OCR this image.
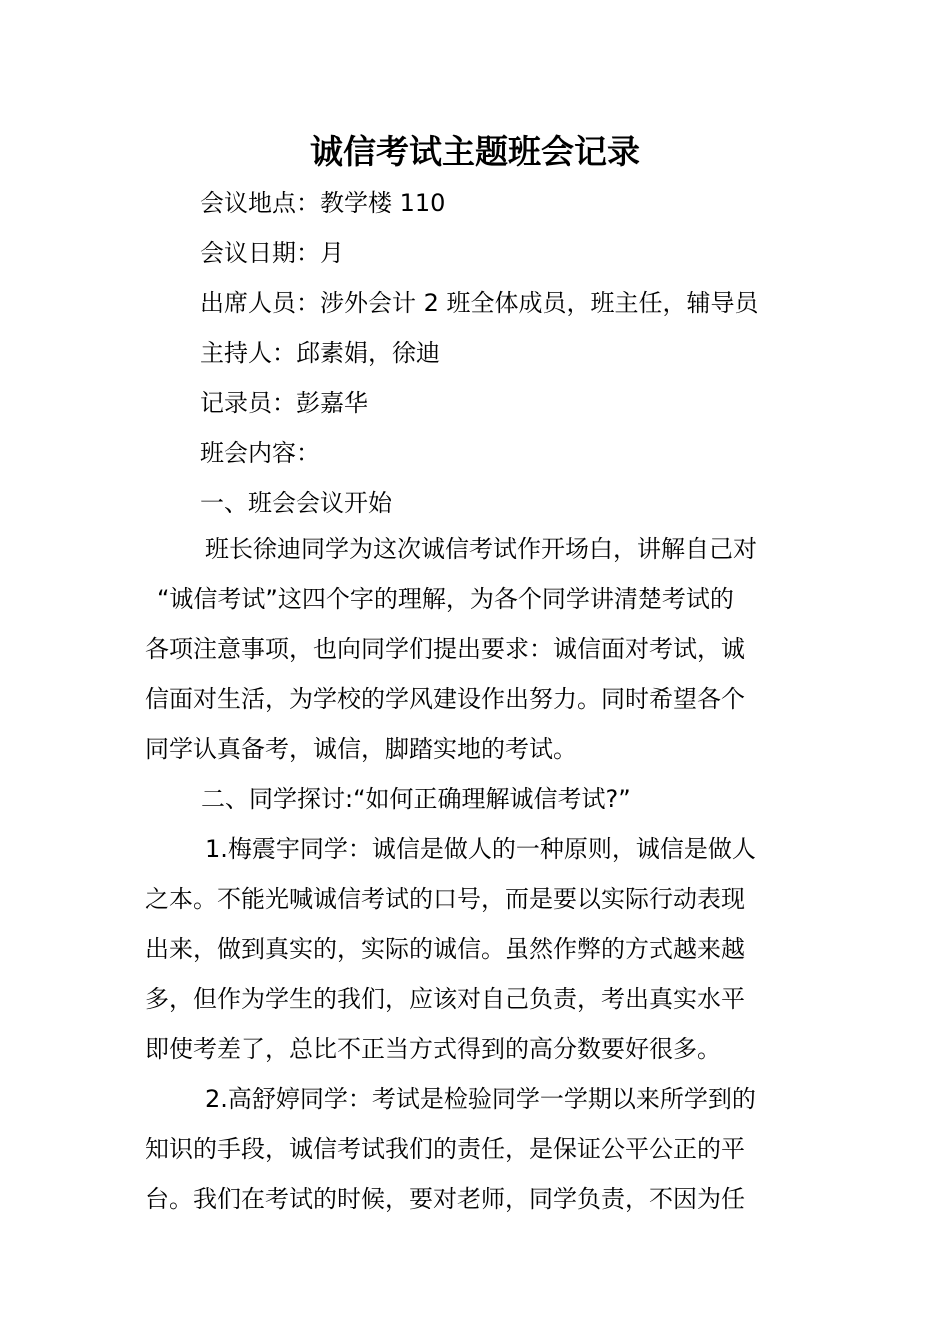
诚信考试主题班会记录
会议地点：教学楼 110
会议日期：月
出席人员：涉外会计 2 班全体成员，班主任，辅导员
主持人：邱素娟，徐迪
记录员：彭嘉华
班会内容：
一、班会会议开始
班长徐迪同学为这次诚信考试作开场白，讲解自己对
“诚信考试”这四个字的理解，为各个同学讲清楚考试的
各项注意事项，也向同学们提出要求：诚信面对考试，诚
信面对生活，为学校的学风建设作出努力。同时希望各个
同学认真备考，诚信，脚踏实地的考试。
二、同学探讨:“如何正确理解诚信考试?”
1.梅震宇同学：诚信是做人的一种原则，诚信是做人
之本。不能光喊诚信考试的口号，而是要以实际行动表现
出来，做到真实的，实际的诚信。虽然作弊的方式越来越
多，但作为学生的我们，应该对自己负责，考出真实水平
即使考差了，总比不正当方式得到的高分数要好很多。
2.高舒婷同学：考试是检验同学一学期以来所学到的
知识的手段，诚信考试我们的责任，是保证公平公正的平
台。我们在考试的时候，要对老师，同学负责，不因为任
